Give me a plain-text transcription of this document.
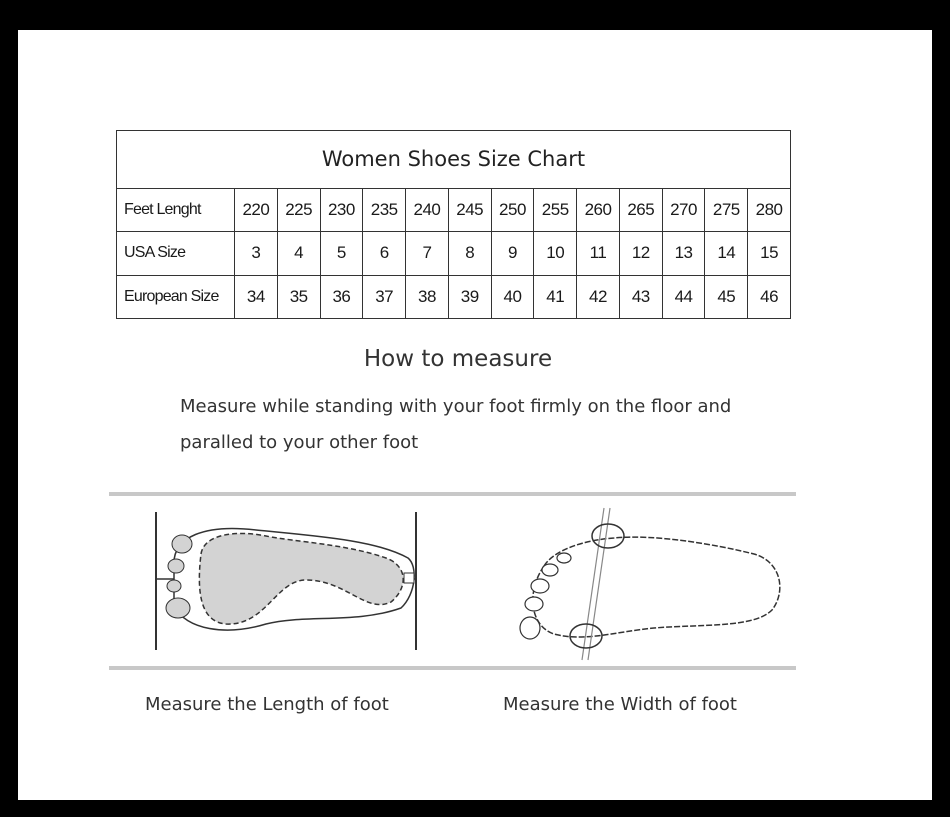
Women Shoes Size Chart													
Feet Lenght	220	225	230	235	240	245	250	255	260	265	270	275	280
USA Size	3	4	5	6	7	8	9	10	11	12	13	14	15
European Size	34	35	36	37	38	39	40	41	42	43	44	45	46
How to measure
Measure while standing with your foot firmly on the floor and
paralled to your other foot
Measure the Length of foot	Measure the Width of foot
